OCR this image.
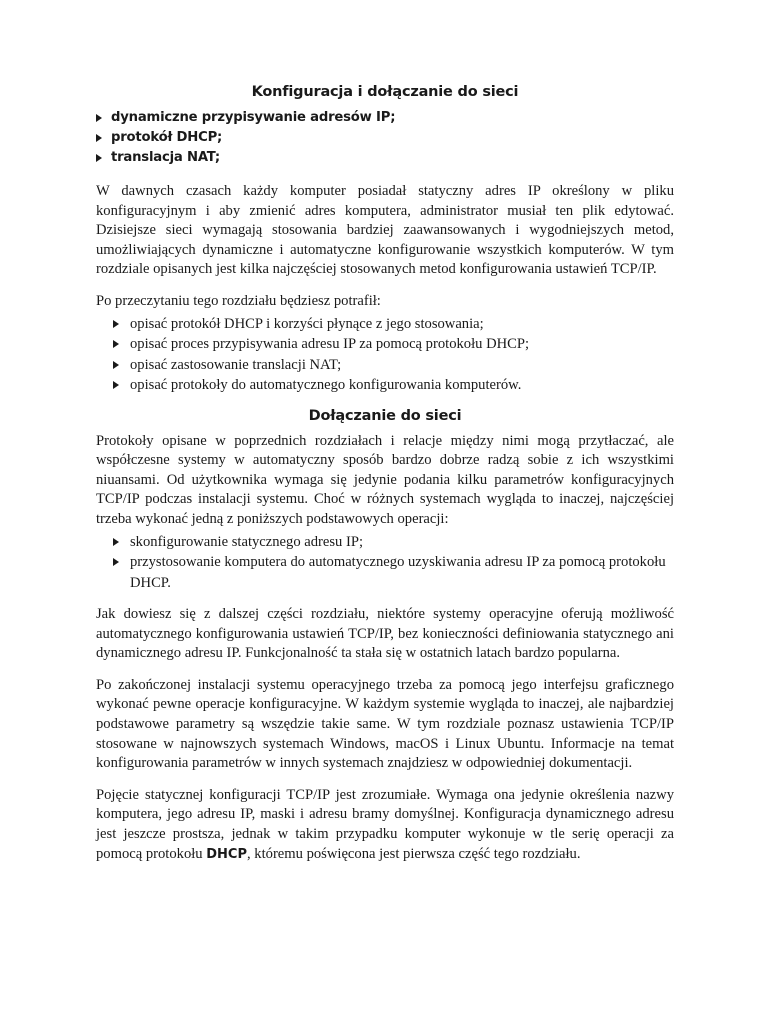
Konfiguracja i dołączanie do sieci
dynamiczne przypisywanie adresów IP;
protokół DHCP;
translacja NAT;

W dawnych czasach każdy komputer posiadał statyczny adres IP określony w pliku konfiguracyjnym i aby zmienić adres komputera, administrator musiał ten plik edytować. Dzisiejsze sieci wymagają stosowania bardziej zaawansowanych i wygodniejszych metod, umożliwiających dynamiczne i automatyczne konfigurowanie wszystkich komputerów. W tym rozdziale opisanych jest kilka najczęściej stosowanych metod konfigurowania ustawień TCP/IP.

Po przeczytaniu tego rozdziału będziesz potrafił:

opisać protokół DHCP i korzyści płynące z jego stosowania;
opisać proces przypisywania adresu IP za pomocą protokołu DHCP;
opisać zastosowanie translacji NAT;
opisać protokoły do automatycznego konfigurowania komputerów.
Dołączanie do sieci

Protokoły opisane w poprzednich rozdziałach i relacje między nimi mogą przytłaczać, ale współczesne systemy w automatyczny sposób bardzo dobrze radzą sobie z ich wszystkimi niuansami. Od użytkownika wymaga się jedynie podania kilku parametrów konfiguracyjnych TCP/IP podczas instalacji systemu. Choć w różnych systemach wygląda to inaczej, najczęściej trzeba wykonać jedną z poniższych podstawowych operacji:

skonfigurowanie statycznego adresu IP;
przystosowanie komputera do automatycznego uzyskiwania adresu IP za pomocą protokołu DHCP.

Jak dowiesz się z dalszej części rozdziału, niektóre systemy operacyjne oferują możliwość automatycznego konfigurowania ustawień TCP/IP, bez konieczności definiowania statycznego ani dynamicznego adresu IP. Funkcjonalność ta stała się w ostatnich latach bardzo popularna.

Po zakończonej instalacji systemu operacyjnego trzeba za pomocą jego interfejsu graficznego wykonać pewne operacje konfiguracyjne. W każdym systemie wygląda to inaczej, ale najbardziej podstawowe parametry są wszędzie takie same. W tym rozdziale poznasz ustawienia TCP/IP stosowane w najnowszych systemach Windows, macOS i Linux Ubuntu. Informacje na temat konfigurowania parametrów w innych systemach znajdziesz w odpowiedniej dokumentacji.

Pojęcie statycznej konfiguracji TCP/IP jest zrozumiałe. Wymaga ona jedynie określenia nazwy komputera, jego adresu IP, maski i adresu bramy domyślnej. Konfiguracja dynamicznego adresu jest jeszcze prostsza, jednak w takim przypadku komputer wykonuje w tle serię operacji za pomocą protokołu DHCP, któremu poświęcona jest pierwsza część tego rozdziału.
